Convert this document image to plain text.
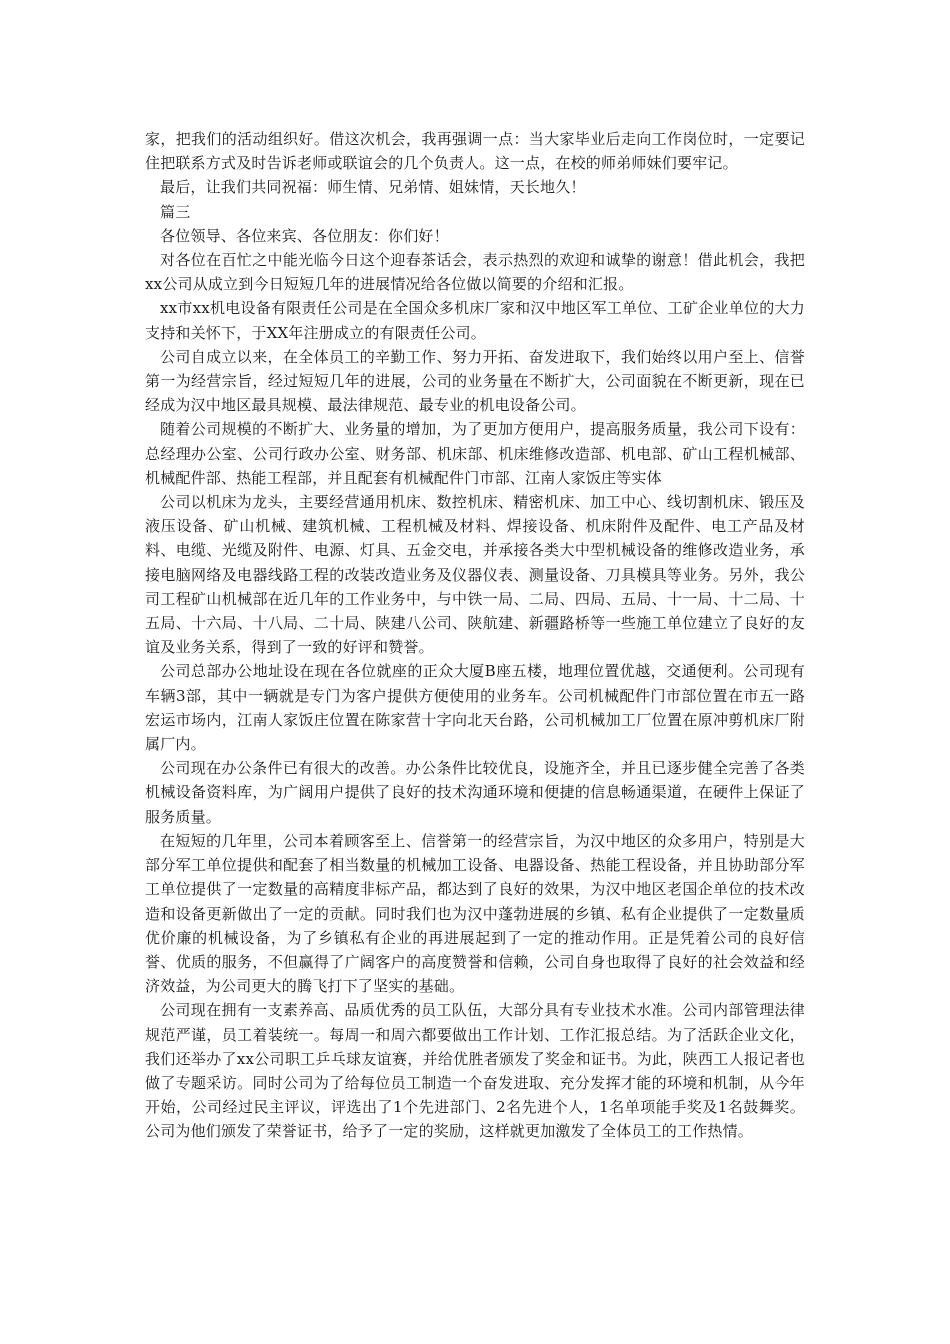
家，把我们的活动组织好。借这次机会，我再强调一点：当大家毕业后走向工作岗位时，一定要记住把联系方式及时告诉老师或联谊会的几个负责人。这一点，在校的师弟师妹们要牢记。

最后，让我们共同祝福：师生情、兄弟情、姐妹情，天长地久！

篇三

各位领导、各位来宾、各位朋友：你们好！

对各位在百忙之中能光临今日这个迎春茶话会，表示热烈的欢迎和诚挚的谢意！借此机会，我把xx公司从成立到今日短短几年的进展情况给各位做以简要的介绍和汇报。

xx市xx机电设备有限责任公司是在全国众多机床厂家和汉中地区军工单位、工矿企业单位的大力支持和关怀下，于XX年注册成立的有限责任公司。

公司自成立以来，在全体员工的辛勤工作、努力开拓、奋发进取下，我们始终以用户至上、信誉第一为经营宗旨，经过短短几年的进展，公司的业务量在不断扩大，公司面貌在不断更新，现在已经成为汉中地区最具规模、最法律规范、最专业的机电设备公司。

随着公司规模的不断扩大、业务量的增加，为了更加方便用户，提高服务质量，我公司下设有：总经理办公室、公司行政办公室、财务部、机床部、机床维修改造部、机电部、矿山工程机械部、机械配件部、热能工程部，并且配套有机械配件门市部、江南人家饭庄等实体

公司以机床为龙头，主要经营通用机床、数控机床、精密机床、加工中心、线切割机床、锻压及液压设备、矿山机械、建筑机械、工程机械及材料、焊接设备、机床附件及配件、电工产品及材料、电缆、光缆及附件、电源、灯具、五金交电，并承接各类大中型机械设备的维修改造业务，承接电脑网络及电器线路工程的改装改造业务及仪器仪表、测量设备、刀具模具等业务。另外，我公司工程矿山机械部在近几年的工作业务中，与中铁一局、二局、四局、五局、十一局、十二局、十五局、十六局、十八局、二十局、陕建八公司、陕航建、新疆路桥等一些施工单位建立了良好的友谊及业务关系，得到了一致的好评和赞誉。

公司总部办公地址设在现在各位就座的正众大厦B座五楼，地理位置优越，交通便利。公司现有车辆3部，其中一辆就是专门为客户提供方便使用的业务车。公司机械配件门市部位置在市五一路宏运市场内，江南人家饭庄位置在陈家营十字向北天台路，公司机械加工厂位置在原冲剪机床厂附属厂内。

公司现在办公条件已有很大的改善。办公条件比较优良，设施齐全，并且已逐步健全完善了各类机械设备资料库，为广阔用户提供了良好的技术沟通环境和便捷的信息畅通渠道，在硬件上保证了服务质量。

在短短的几年里，公司本着顾客至上、信誉第一的经营宗旨，为汉中地区的众多用户，特别是大部分军工单位提供和配套了相当数量的机械加工设备、电器设备、热能工程设备，并且协助部分军工单位提供了一定数量的高精度非标产品，都达到了良好的效果，为汉中地区老国企单位的技术改造和设备更新做出了一定的贡献。同时我们也为汉中蓬勃进展的乡镇、私有企业提供了一定数量质优价廉的机械设备，为了乡镇私有企业的再进展起到了一定的推动作用。正是凭着公司的良好信誉、优质的服务，不但赢得了广阔客户的高度赞誉和信赖，公司自身也取得了良好的社会效益和经济效益，为公司更大的腾飞打下了坚实的基础。

公司现在拥有一支素养高、品质优秀的员工队伍，大部分具有专业技术水准。公司内部管理法律规范严谨，员工着装统一。每周一和周六都要做出工作计划、工作汇报总结。为了活跃企业文化，我们还举办了xx公司职工乒乓球友谊赛，并给优胜者颁发了奖金和证书。为此，陕西工人报记者也做了专题采访。同时公司为了给每位员工制造一个奋发进取、充分发挥才能的环境和机制，从今年开始，公司经过民主评议，评选出了1个先进部门、2名先进个人，1名单项能手奖及1名鼓舞奖。公司为他们颁发了荣誉证书，给予了一定的奖励，这样就更加激发了全体员工的工作热情。
